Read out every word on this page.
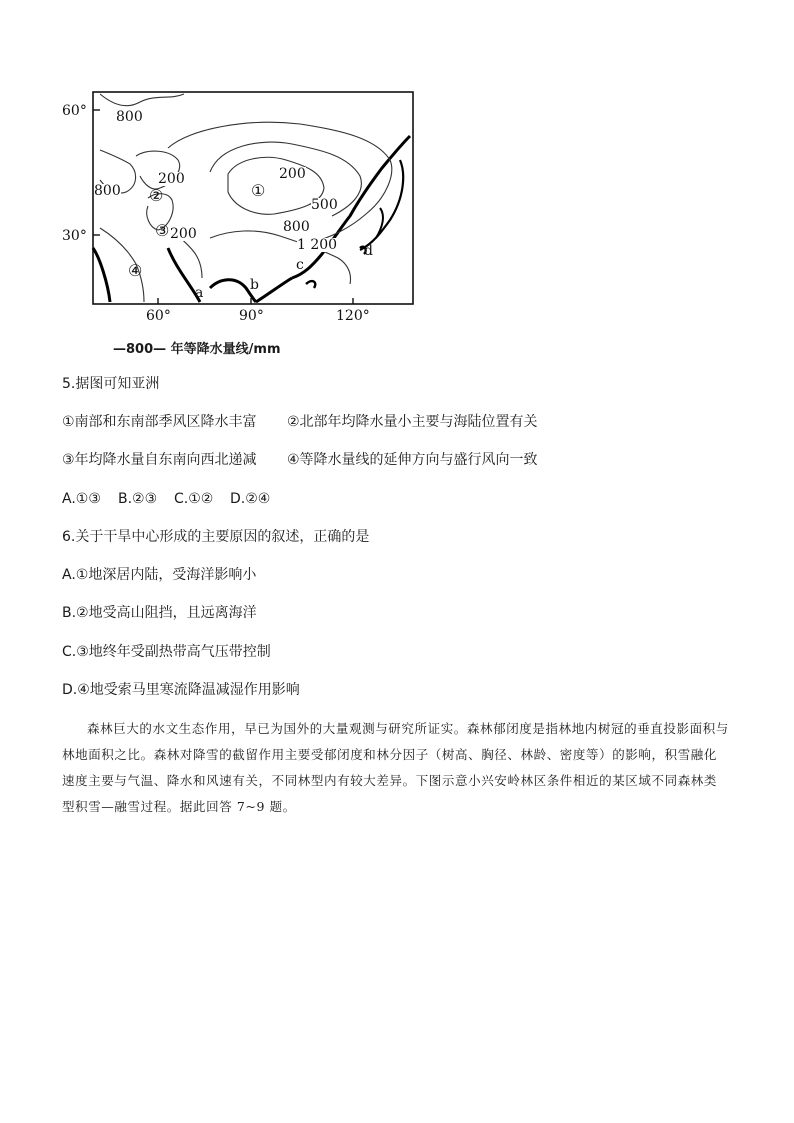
60°
30°
60°	90°	120°
800
200
200
800
200
500
800
1 200
①
②
③
④
a	b
c
d
—800— 年等降水量线/mm
5.据图可知亚洲
①南部和东南部季风区降水丰富 ②北部年均降水量小主要与海陆位置有关
③年均降水量自东南向西北递减 ④等降水量线的延伸方向与盛行风向一致
A.①③ B.②③ C.①② D.②④
6.关于干旱中心形成的主要原因的叙述，正确的是
A.①地深居内陆，受海洋影响小
B.②地受高山阻挡，且远离海洋
C.③地终年受副热带高气压带控制
D.④地受索马里寒流降温减湿作用影响
森林巨大的水文生态作用，早已为国外的大量观测与研究所证实。森林郁闭度是指林地内树冠的垂直投影面积与林地面积之比。森林对降雪的截留作用主要受郁闭度和林分因子（树高、胸径、林龄、密度等）的影响，积雪融化速度主要与气温、降水和风速有关，不同林型内有较大差异。下图示意小兴安岭林区条件相近的某区域不同森林类型积雪—融雪过程。据此回答 7~9 题。
